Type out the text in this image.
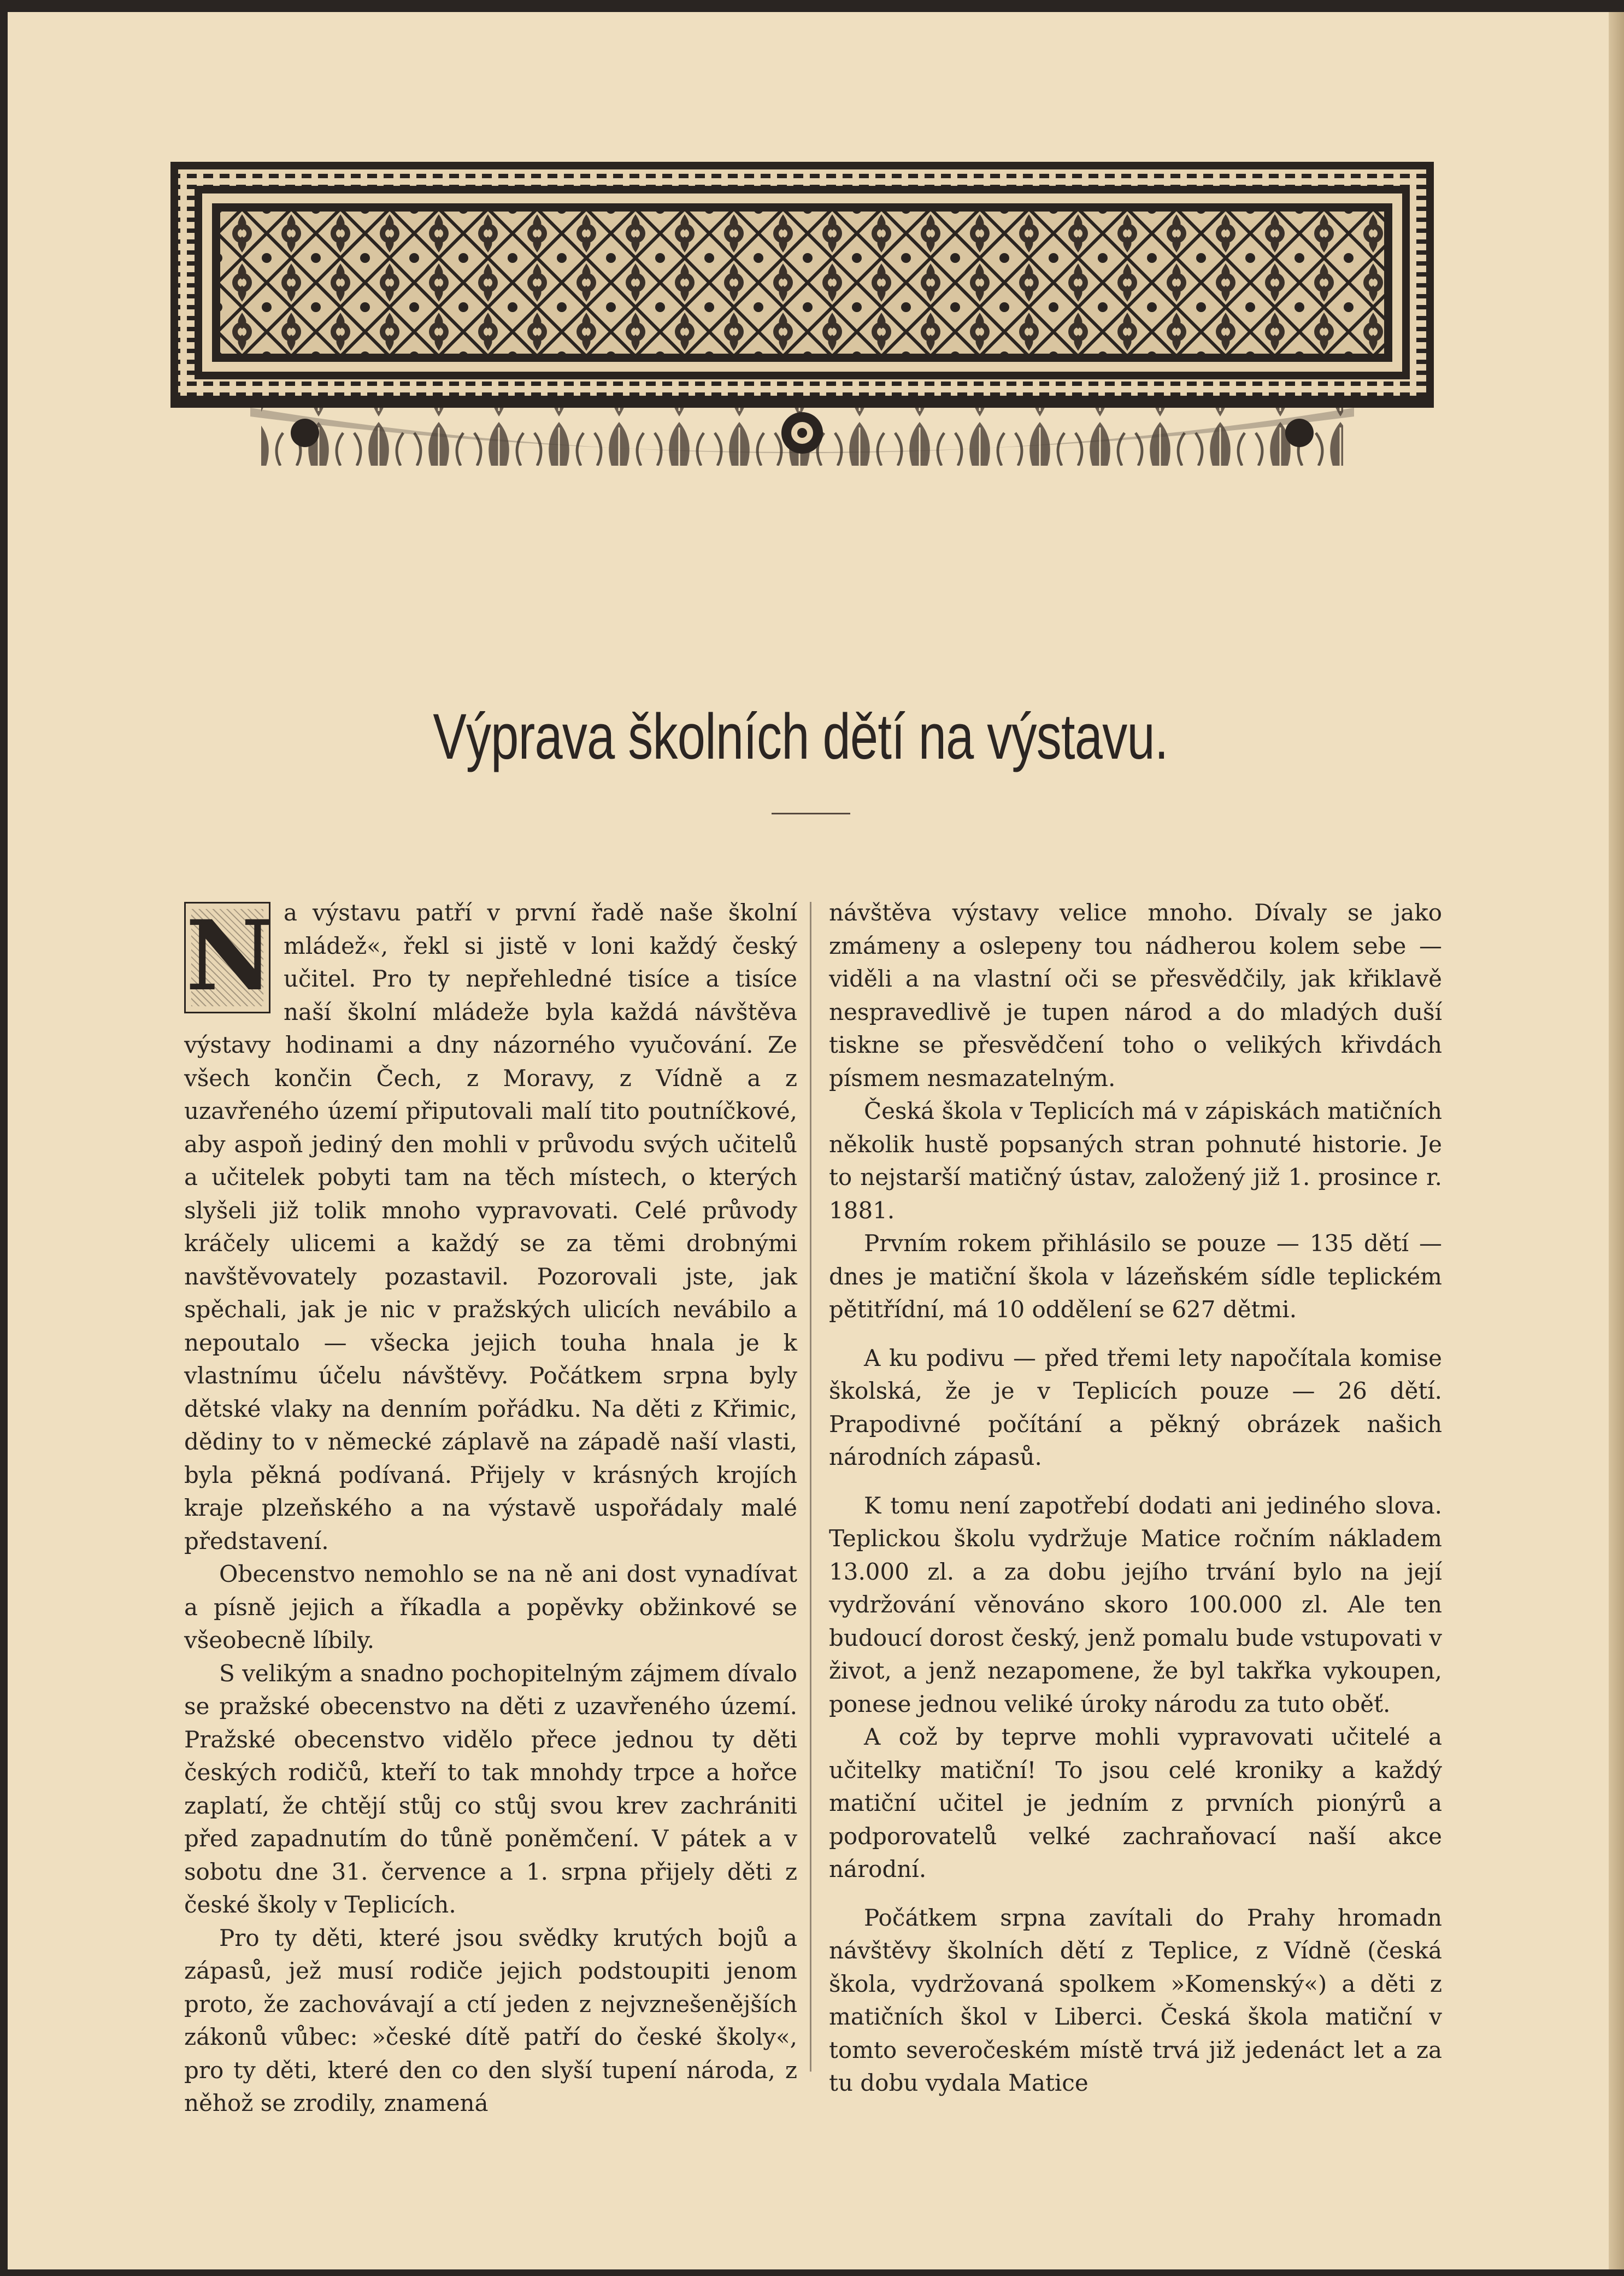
Výprava školních dětí na výstavu.

N a výstavu patří v první řadě naše školní mládež«, řekl si jistě v loni každý český učitel. Pro ty nepřehledné tisíce a tisíce naší školní mládeže byla každá návštěva výstavy hodinami a dny názorného vyučování. Ze všech končin Čech, z Moravy, z Vídně a z uzavřeného území připutovali malí tito poutníčkové, aby aspoň jediný den mohli v průvodu svých učitelů a učitelek pobyti tam na těch místech, o kterých slyšeli již tolik mnoho vypravovati. Celé průvody kráčely ulicemi a každý se za těmi drobnými navštěvovately pozastavil. Pozorovali jste, jak spěchali, jak je nic v pražských ulicích nevábilo a nepoutalo — všecka jejich touha hnala je k vlastnímu účelu návštěvy. Počátkem srpna byly dětské vlaky na denním pořádku. Na děti z Křimic, dědiny to v německé záplavě na západě naší vlasti, byla pěkná podívaná. Přijely v krásných krojích kraje plzeňského a na výstavě uspořádaly malé představení.

Obecenstvo nemohlo se na ně ani dost vynadívat a písně jejich a říkadla a popěvky obžinkové se všeobecně líbily.

S velikým a snadno pochopitelným zájmem dívalo se pražské obecenstvo na děti z uzavřeného území. Pražské obecenstvo vidělo přece jednou ty děti českých rodičů, kteří to tak mnohdy trpce a hořce zaplatí, že chtějí stůj co stůj svou krev zachrániti před zapadnutím do tůně poněmčení. V pátek a v sobotu dne 31. července a 1. srpna přijely děti z české školy v Teplicích.

Pro ty děti, které jsou svědky krutých bojů a zápasů, jež musí rodiče jejich podstoupiti jenom proto, že zachovávají a ctí jeden z nejvznešenějších zákonů vůbec: »české dítě patří do české školy«, pro ty děti, které den co den slyší tupení národa, z něhož se zrodily, znamená

návštěva výstavy velice mnoho. Dívaly se jako zmámeny a oslepeny tou nádherou kolem sebe — viděli a na vlastní oči se přesvědčily, jak křiklavě nespravedlivě je tupen národ a do mladých duší tiskne se přesvědčení toho o velikých křivdách písmem nesmazatelným.

Česká škola v Teplicích má v zápiskách matičních několik hustě popsaných stran pohnuté historie. Je to nejstarší matičný ústav, založený již 1. prosince r. 1881.

Prvním rokem přihlásilo se pouze — 135 dětí — dnes je matiční škola v lázeňském sídle teplickém pětitřídní, má 10 oddělení se 627 dětmi.

A ku podivu — před třemi lety napočítala komise školská, že je v Teplicích pouze — 26 dětí. Prapodivné počítání a pěkný obrázek našich národních zápasů.

K tomu není zapotřebí dodati ani jediného slova. Teplickou školu vydržuje Matice ročním nákladem 13.000 zl. a za dobu jejího trvání bylo na její vydržování věnováno skoro 100.000 zl. Ale ten budoucí dorost český, jenž pomalu bude vstupovati v život, a jenž nezapomene, že byl takřka vykoupen, ponese jednou veliké úroky národu za tuto oběť.

A což by teprve mohli vypravovati učitelé a učitelky matiční! To jsou celé kroniky a každý matiční učitel je jedním z prvních pionýrů a podporovatelů velké zachraňovací naší akce národní.

Počátkem srpna zavítali do Prahy hromadn návštěvy školních dětí z Teplice, z Vídně (česká škola, vydržovaná spolkem »Komenský«) a děti z matičních škol v Liberci. Česká škola matiční v tomto severočeském místě trvá již jedenáct let a za tu dobu vydala Matice
